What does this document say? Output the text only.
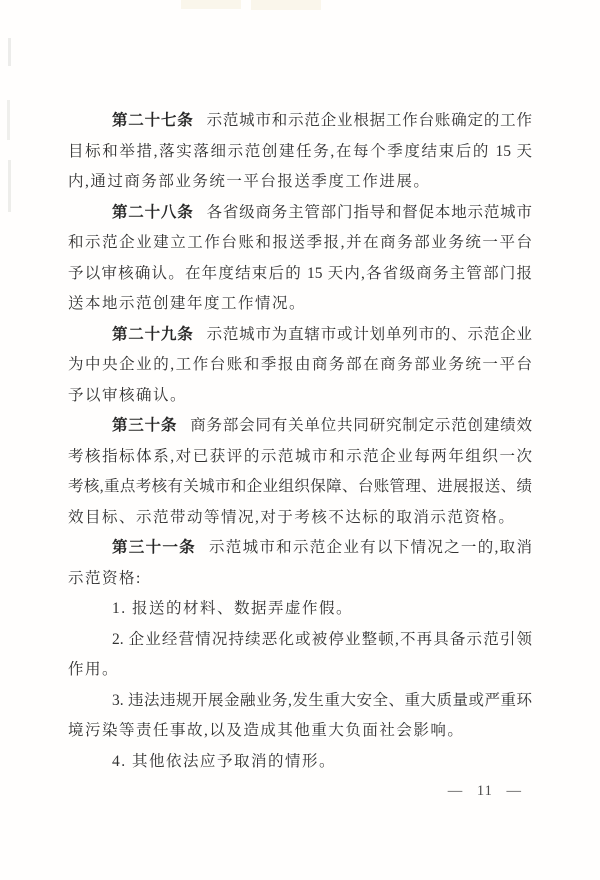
第二十七条 示范城市和示范企业根据工作台账确定的工作
目标和举措,落实落细示范创建任务,在每个季度结束后的 15 天
内,通过商务部业务统一平台报送季度工作进展。
第二十八条 各省级商务主管部门指导和督促本地示范城市
和示范企业建立工作台账和报送季报,并在商务部业务统一平台
予以审核确认。在年度结束后的 15 天内,各省级商务主管部门报
送本地示范创建年度工作情况。
第二十九条 示范城市为直辖市或计划单列市的、示范企业
为中央企业的,工作台账和季报由商务部在商务部业务统一平台
予以审核确认。
第三十条 商务部会同有关单位共同研究制定示范创建绩效
考核指标体系,对已获评的示范城市和示范企业每两年组织一次
考核,重点考核有关城市和企业组织保障、台账管理、进展报送、绩
效目标、示范带动等情况,对于考核不达标的取消示范资格。
第三十一条 示范城市和示范企业有以下情况之一的,取消
示范资格:
1. 报送的材料、数据弄虚作假。
2. 企业经营情况持续恶化或被停业整顿,不再具备示范引领
作用。
3. 违法违规开展金融业务,发生重大安全、重大质量或严重环
境污染等责任事故,以及造成其他重大负面社会影响。
4. 其他依法应予取消的情形。
— 11 —
